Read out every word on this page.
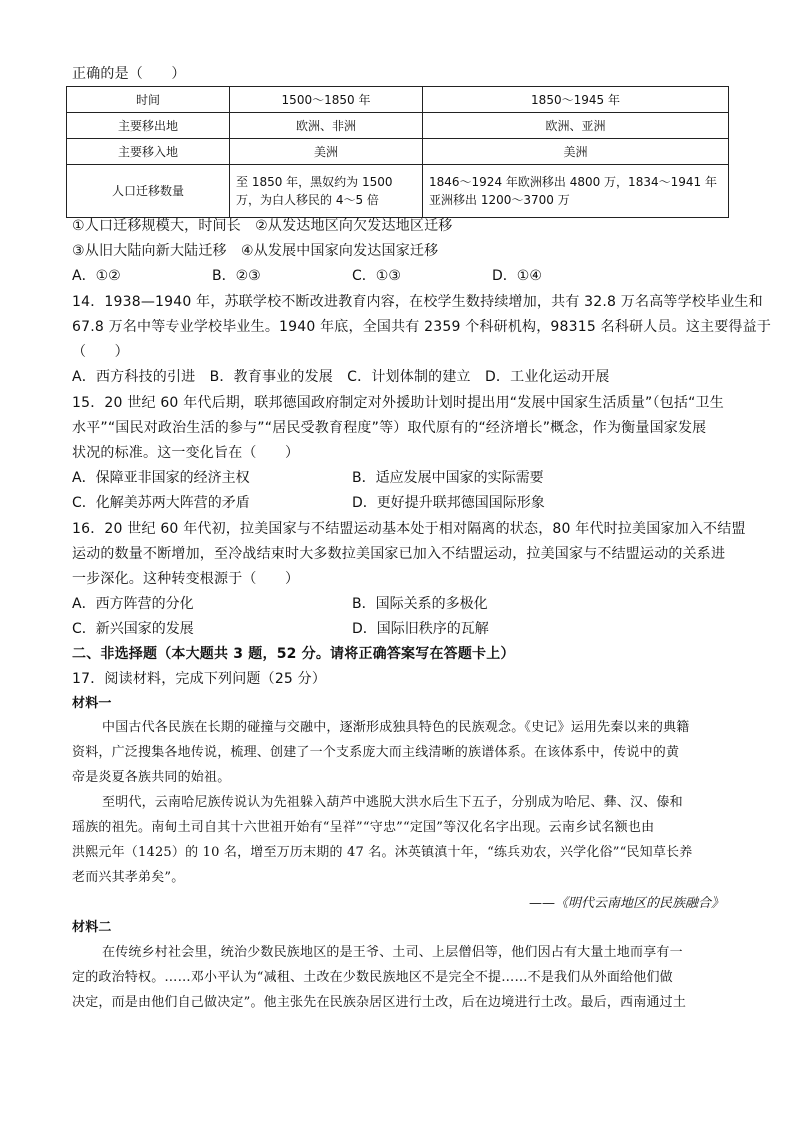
正确的是（　　）
时间	1500～1850 年	1850～1945 年
主要移出地	欧洲、非洲	欧洲、亚洲
主要移入地	美洲	美洲
人口迁移数量	至 1850 年，黑奴约为 1500 万，为白人移民的 4～5 倍	1846～1924 年欧洲移出 4800 万，1834～1941 年亚洲移出 1200～3700 万
①人口迁移规模大，时间长　②从发达地区向欠发达地区迁移
③从旧大陆向新大陆迁移　④从发展中国家向发达国家迁移
A．①②	B．②③	C．①③	D．①④
14．1938—1940 年，苏联学校不断改进教育内容，在校学生数持续增加，共有 32.8 万名高等学校毕业生和
67.8 万名中等专业学校毕业生。1940 年底，全国共有 2359 个科研机构，98315 名科研人员。这主要得益于
（　　）
A．西方科技的引进　B．教育事业的发展　C．计划体制的建立　D．工业化运动开展
15．20 世纪 60 年代后期，联邦德国政府制定对外援助计划时提出用“发展中国家生活质量”（包括“卫生
水平”“国民对政治生活的参与”“居民受教育程度”等）取代原有的“经济增长”概念，作为衡量国家发展
状况的标准。这一变化旨在（　　）
A．保障亚非国家的经济主权	B．适应发展中国家的实际需要
C．化解美苏两大阵营的矛盾	D．更好提升联邦德国国际形象
16．20 世纪 60 年代初，拉美国家与不结盟运动基本处于相对隔离的状态，80 年代时拉美国家加入不结盟
运动的数量不断增加，至冷战结束时大多数拉美国家已加入不结盟运动，拉美国家与不结盟运动的关系进
一步深化。这种转变根源于（　　）
A．西方阵营的分化	B．国际关系的多极化
C．新兴国家的发展	D．国际旧秩序的瓦解
二、非选择题（本大题共 3 题，52 分。请将正确答案写在答题卡上）
17．阅读材料，完成下列问题（25 分）
材料一
中国古代各民族在长期的碰撞与交融中，逐渐形成独具特色的民族观念。《史记》运用先秦以来的典籍
资料，广泛搜集各地传说，梳理、创建了一个支系庞大而主线清晰的族谱体系。在该体系中，传说中的黄
帝是炎夏各族共同的始祖。
至明代，云南哈尼族传说认为先祖躲入葫芦中逃脱大洪水后生下五子，分别成为哈尼、彝、汉、傣和
瑶族的祖先。南甸土司自其十六世祖开始有“呈祥”“守忠”“定国”等汉化名字出现。云南乡试名额也由
洪熙元年（1425）的 10 名，增至万历末期的 47 名。沐英镇滇十年，“练兵劝农，兴学化俗”“民知草长养
老而兴其孝弟矣”。
——《明代云南地区的民族融合》
材料二
在传统乡村社会里，统治少数民族地区的是王爷、土司、上层僧侣等，他们因占有大量土地而享有一
定的政治特权。……邓小平认为“减租、土改在少数民族地区不是完全不提……不是我们从外面给他们做
决定，而是由他们自己做决定”。他主张先在民族杂居区进行土改，后在边境进行土改。最后，西南通过土
